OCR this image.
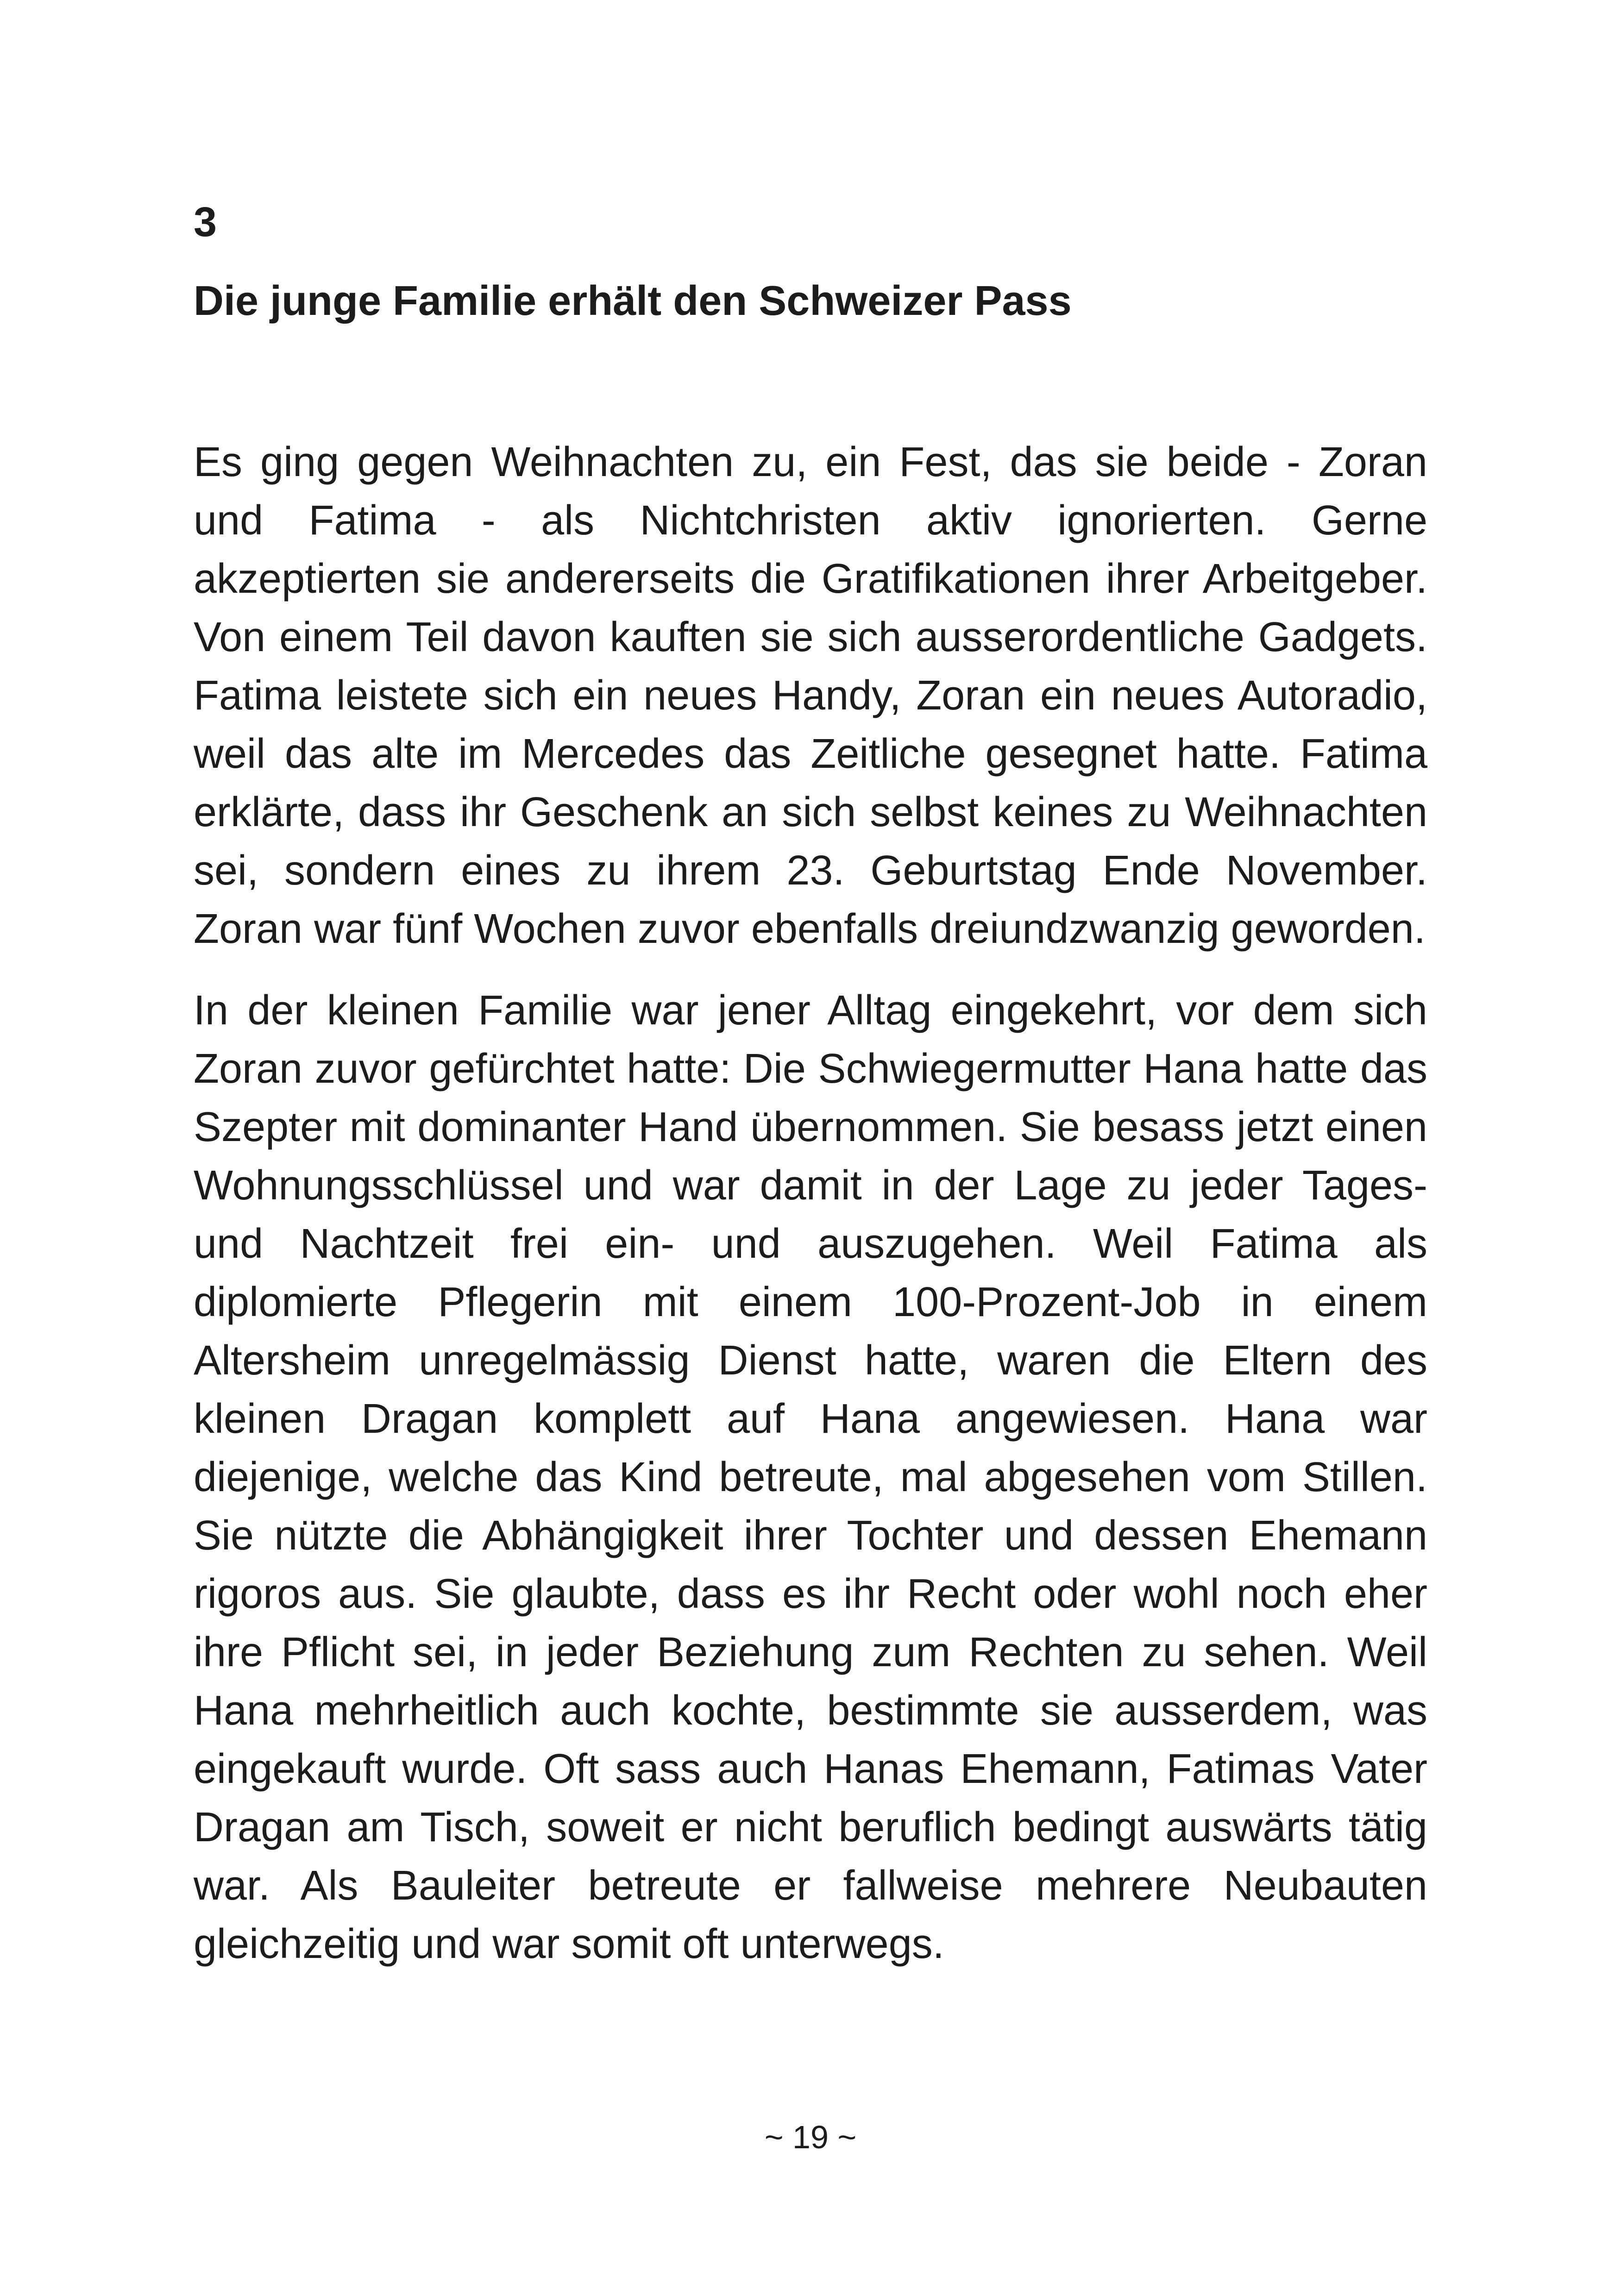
3
Die junge Familie erhält den Schweizer Pass

Es ging gegen Weihnachten zu, ein Fest, das sie beide - Zoran und Fatima - als Nichtchristen aktiv ignorierten. Gerne akzeptierten sie andererseits die Gratifikationen ihrer Arbeitgeber. Von einem Teil davon kauften sie sich ausserordentliche Gadgets. Fatima leistete sich ein neues Handy, Zoran ein neues Autoradio, weil das alte im Mercedes das Zeitliche gesegnet hatte. Fatima erklärte, dass ihr Geschenk an sich selbst keines zu Weihnachten sei, sondern eines zu ihrem 23. Geburtstag Ende November. Zoran war fünf Wochen zuvor ebenfalls dreiundzwanzig geworden.

In der kleinen Familie war jener Alltag eingekehrt, vor dem sich Zoran zuvor gefürchtet hatte: Die Schwiegermutter Hana hatte das Szepter mit dominanter Hand übernommen. Sie besass jetzt einen Wohnungsschlüssel und war damit in der Lage zu jeder Tages- und Nachtzeit frei ein- und auszugehen. Weil Fatima als diplomierte Pflegerin mit einem 100-Prozent-Job in einem Altersheim unregelmässig Dienst hatte, waren die Eltern des kleinen Dragan komplett auf Hana angewiesen. Hana war diejenige, welche das Kind betreute, mal abgesehen vom Stillen. Sie nützte die Abhängigkeit ihrer Tochter und dessen Ehemann rigoros aus. Sie glaubte, dass es ihr Recht oder wohl noch eher ihre Pflicht sei, in jeder Beziehung zum Rechten zu sehen. Weil Hana mehrheitlich auch kochte, bestimmte sie ausserdem, was eingekauft wurde. Oft sass auch Hanas Ehemann, Fatimas Vater Dragan am Tisch, soweit er nicht beruflich bedingt auswärts tätig war. Als Bauleiter betreute er fallweise mehrere Neubauten gleichzeitig und war somit oft unterwegs.

~ 19 ~
